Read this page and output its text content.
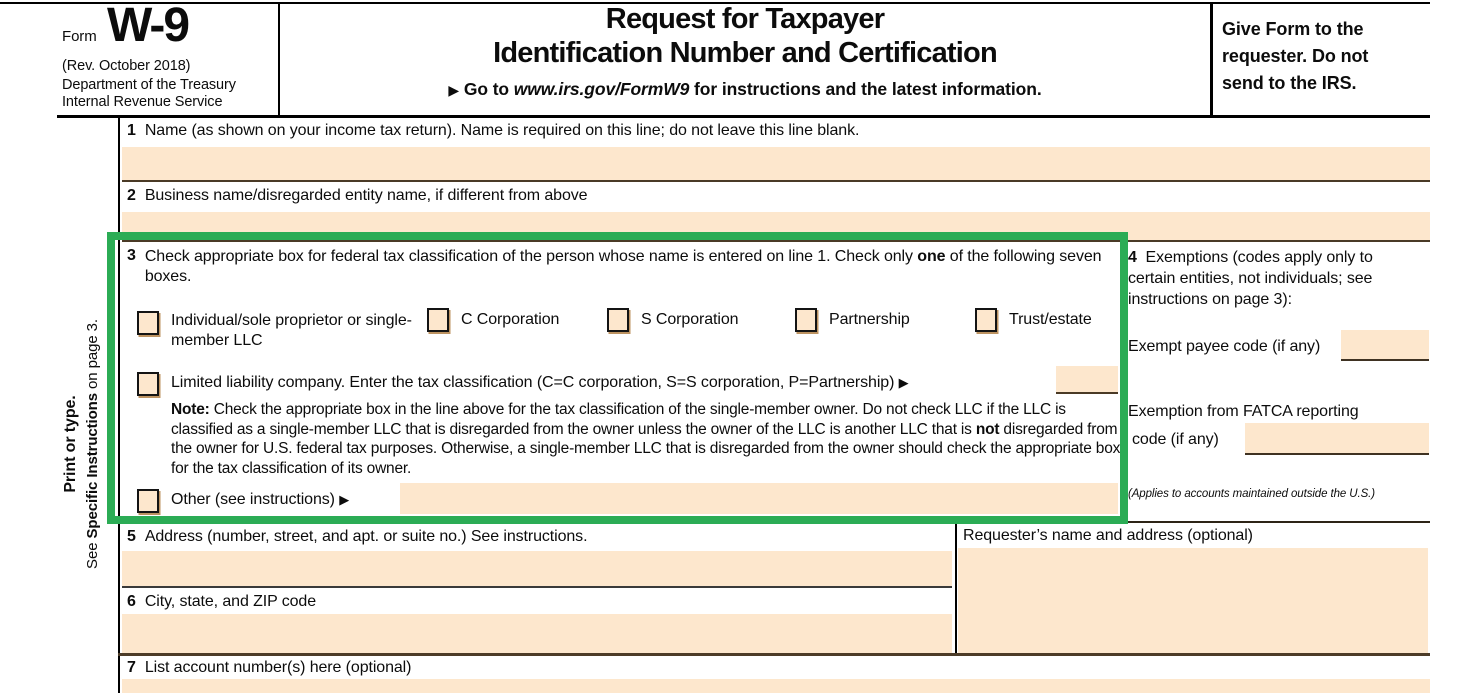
Form W-9
(Rev. October 2018)
Department of the Treasury
Internal Revenue Service
Request for Taxpayer
Identification Number and Certification
▶ Go to www.irs.gov/FormW9 for instructions and the latest information.
Give Form to the
requester. Do not
send to the IRS.
Print or type.
See Specific Instructions on page 3.
1 Name (as shown on your income tax return). Name is required on this line; do not leave this line blank.
2 Business name/disregarded entity name, if different from above
3 Check appropriate box for federal tax classification of the person whose name is entered on line 1. Check only one of the following seven boxes.
Individual/sole proprietor or single-member LLC
C Corporation	S Corporation	Partnership	Trust/estate
Limited liability company. Enter the tax classification (C=C corporation, S=S corporation, P=Partnership) ▶
Note: Check the appropriate box in the line above for the tax classification of the single-member owner. Do not check LLC if the LLC is classified as a single-member LLC that is disregarded from the owner unless the owner of the LLC is another LLC that is not disregarded from the owner for U.S. federal tax purposes. Otherwise, a single-member LLC that is disregarded from the owner should check the appropriate box for the tax classification of its owner.
Other (see instructions) ▶
4 Exemptions (codes apply only to certain entities, not individuals; see instructions on page 3):
Exempt payee code (if any)
Exemption from FATCA reporting
code (if any)
(Applies to accounts maintained outside the U.S.)
5 Address (number, street, and apt. or suite no.) See instructions.	Requester’s name and address (optional)
6 City, state, and ZIP code
7 List account number(s) here (optional)
